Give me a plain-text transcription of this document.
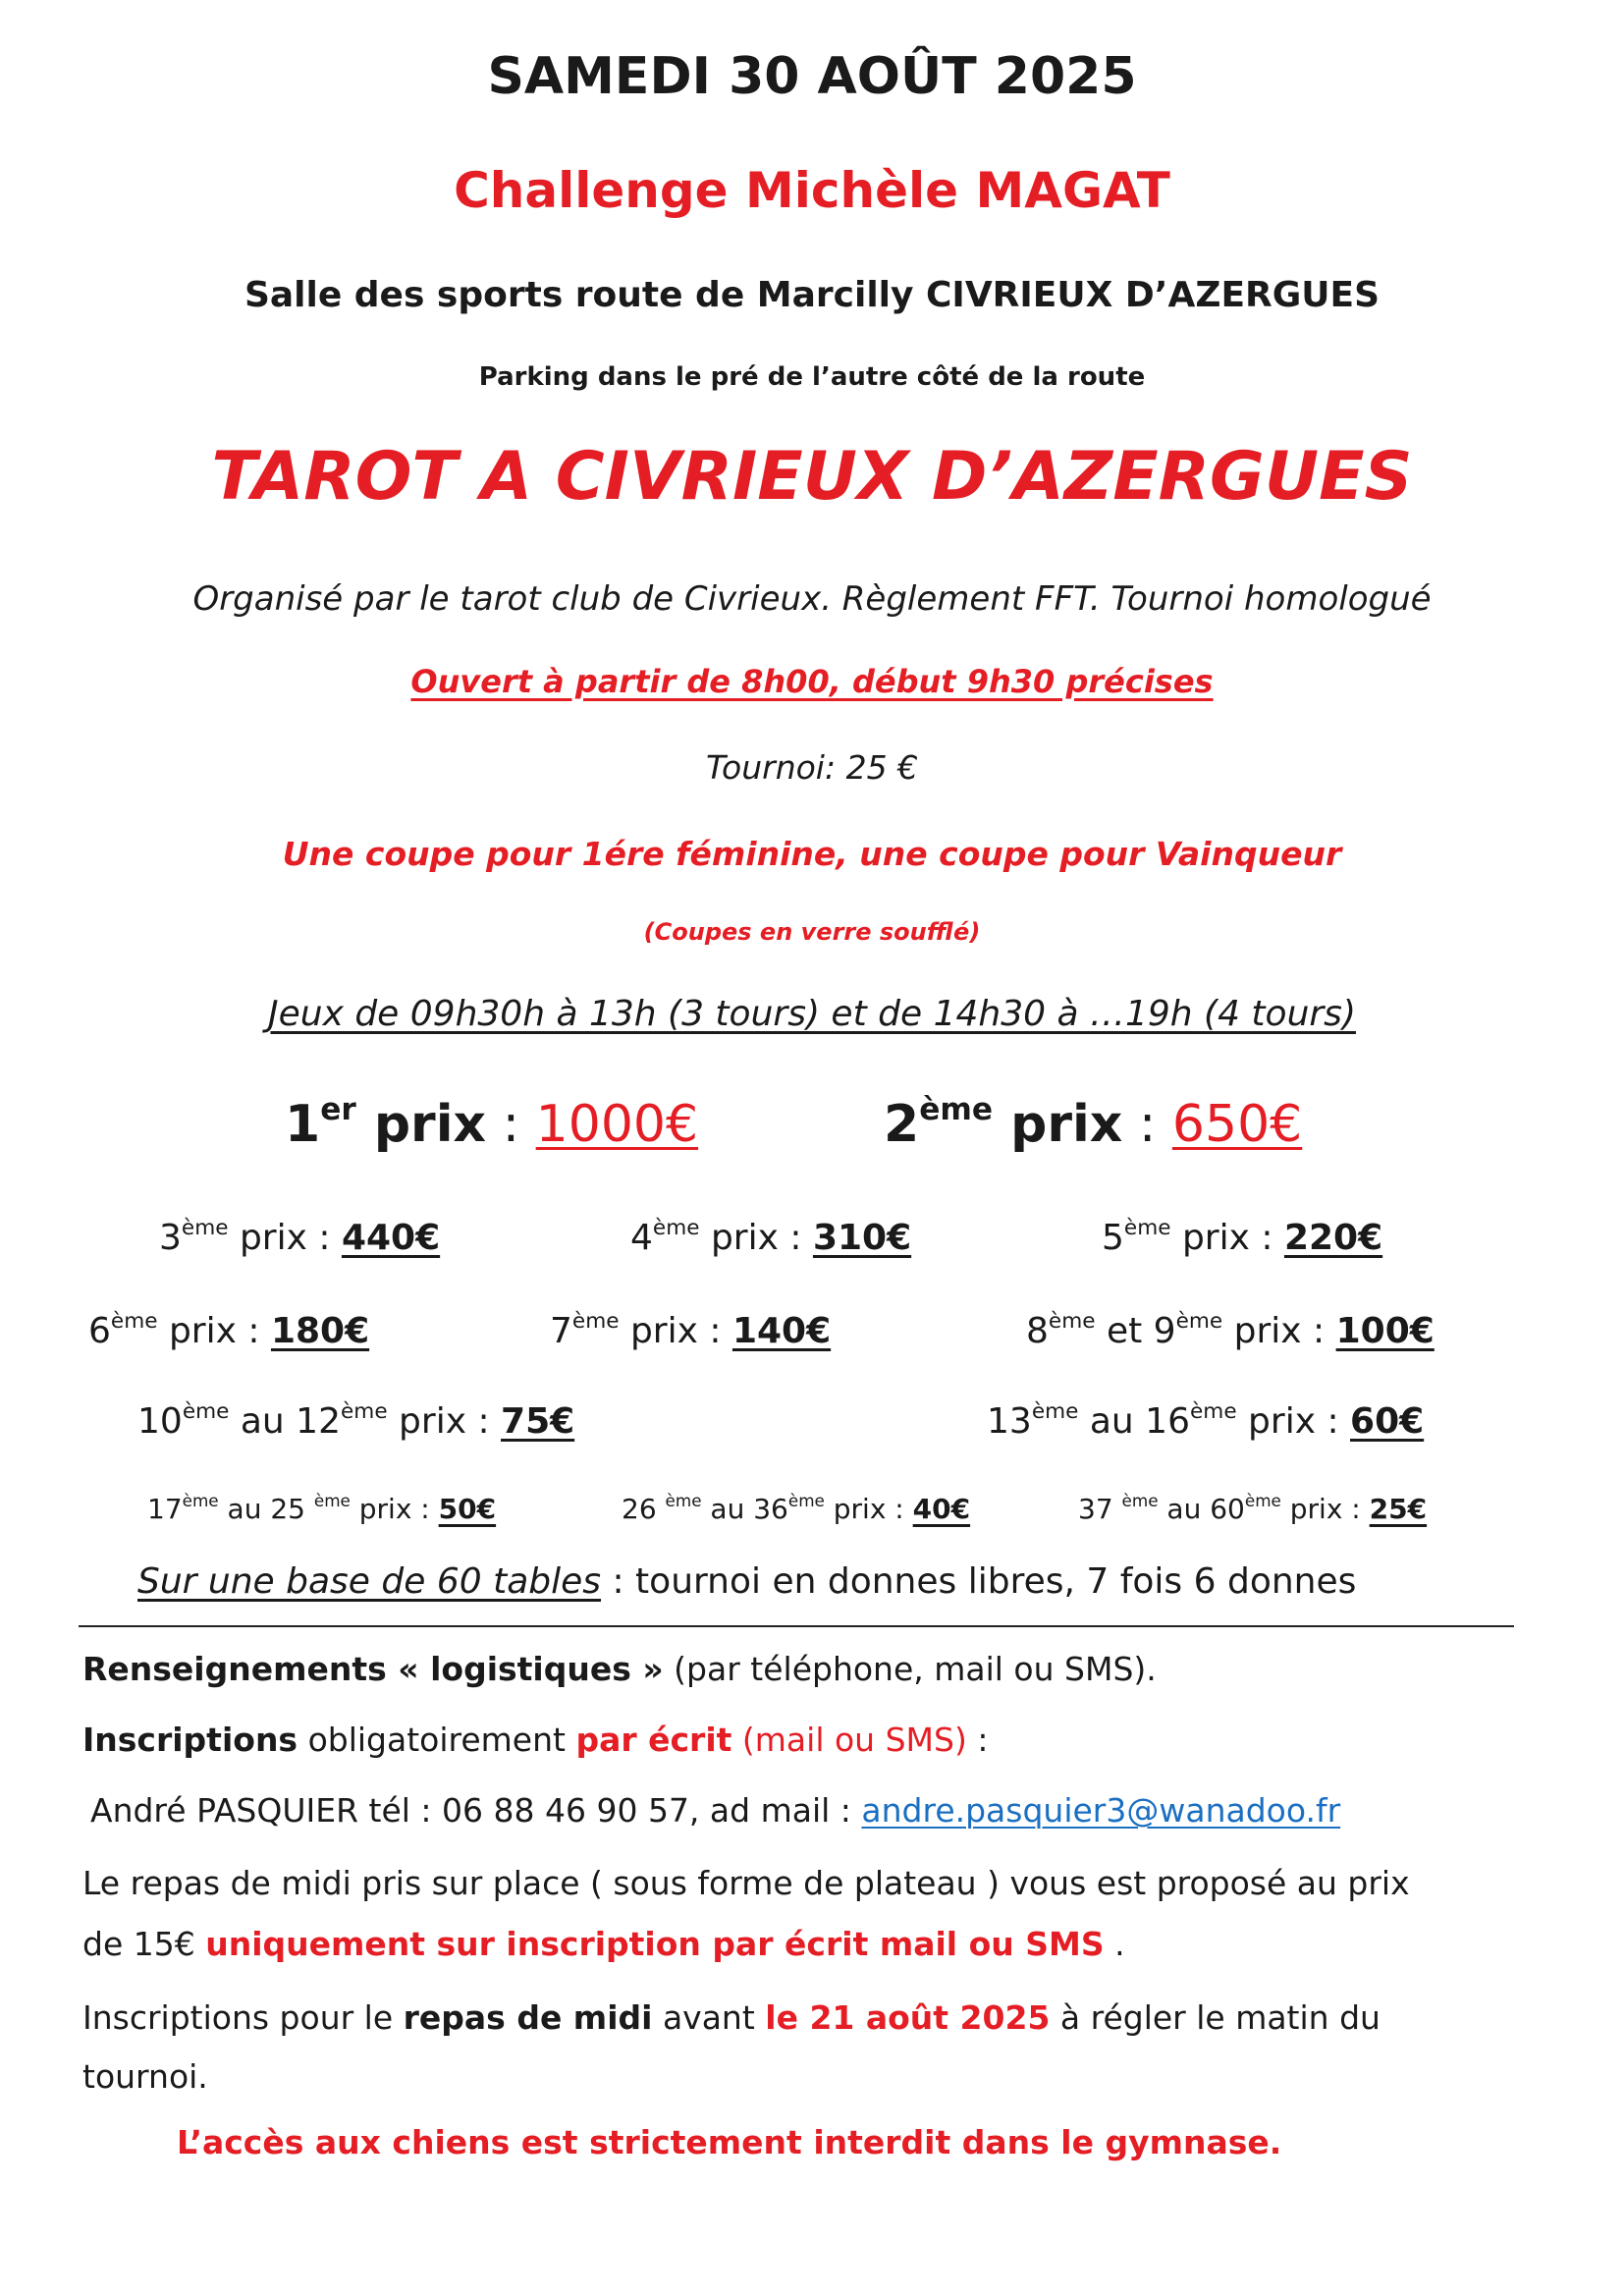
SAMEDI 30 AOÛT 2025
Challenge Michèle MAGAT
Salle des sports route de Marcilly CIVRIEUX D’AZERGUES
Parking dans le pré de l’autre côté de la route
TAROT A CIVRIEUX D’AZERGUES
Organisé par le tarot club de Civrieux. Règlement FFT. Tournoi homologué
Ouvert à partir de 8h00, début 9h30 précises
Tournoi: 25 €
Une coupe pour 1ére féminine, une coupe pour Vainqueur
(Coupes en verre soufflé)
Jeux de 09h30h à 13h (3 tours) et de 14h30 à …19h (4 tours)
1er prix : 1000€	2ème prix : 650€
3ème prix : 440€	4ème prix : 310€	5ème prix : 220€
6ème prix : 180€	7ème prix : 140€	8ème et 9ème prix : 100€
10ème au 12ème prix : 75€	13ème au 16ème prix : 60€
17ème au 25 $^{ème}$ prix : 50€	26 $^{ème}$ au 36ème prix : 40€	37 $^{ème}$ au 60ème prix : 25€
Sur une base de 60 tables : tournoi en donnes libres, 7 fois 6 donnes
Renseignements « logistiques » (par téléphone, mail ou SMS).
Inscriptions obligatoirement par écrit (mail ou SMS) :
André PASQUIER tél : 06 88 46 90 57, ad mail : andre.pasquier3@wanadoo.fr
Le repas de midi pris sur place ( sous forme de plateau ) vous est proposé au prix
de 15€ uniquement sur inscription par écrit mail ou SMS .
Inscriptions pour le repas de midi avant le 21 août 2025 à régler le matin du
tournoi.
L’accès aux chiens est strictement interdit dans le gymnase.
